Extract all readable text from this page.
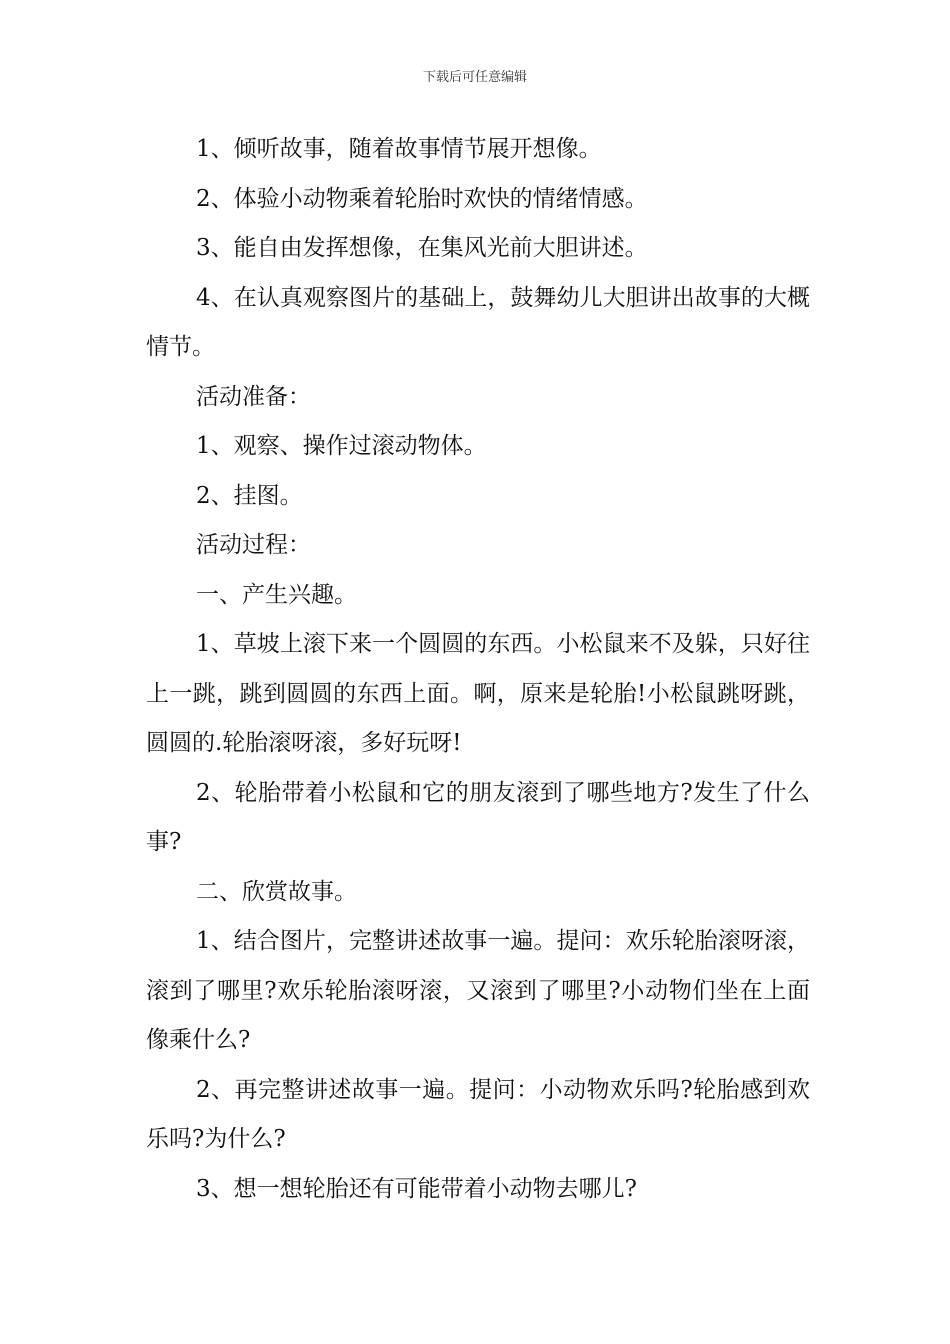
下载后可任意编辑

1、倾听故事，随着故事情节展开想像。

2、体验小动物乘着轮胎时欢快的情绪情感。

3、能自由发挥想像，在集风光前大胆讲述。

4、在认真观察图片的基础上，鼓舞幼儿大胆讲出故事的大概情节。

活动准备：

1、观察、操作过滚动物体。

2、挂图。

活动过程：

一、产生兴趣。

1、草坡上滚下来一个圆圆的东西。小松鼠来不及躲，只好往上一跳，跳到圆圆的东西上面。啊，原来是轮胎!小松鼠跳呀跳，圆圆的.轮胎滚呀滚，多好玩呀!

2、轮胎带着小松鼠和它的朋友滚到了哪些地方?发生了什么事?

二、欣赏故事。

1、结合图片，完整讲述故事一遍。提问：欢乐轮胎滚呀滚，滚到了哪里?欢乐轮胎滚呀滚，又滚到了哪里?小动物们坐在上面像乘什么?

2、再完整讲述故事一遍。提问：小动物欢乐吗?轮胎感到欢乐吗?为什么?

3、想一想轮胎还有可能带着小动物去哪儿?
